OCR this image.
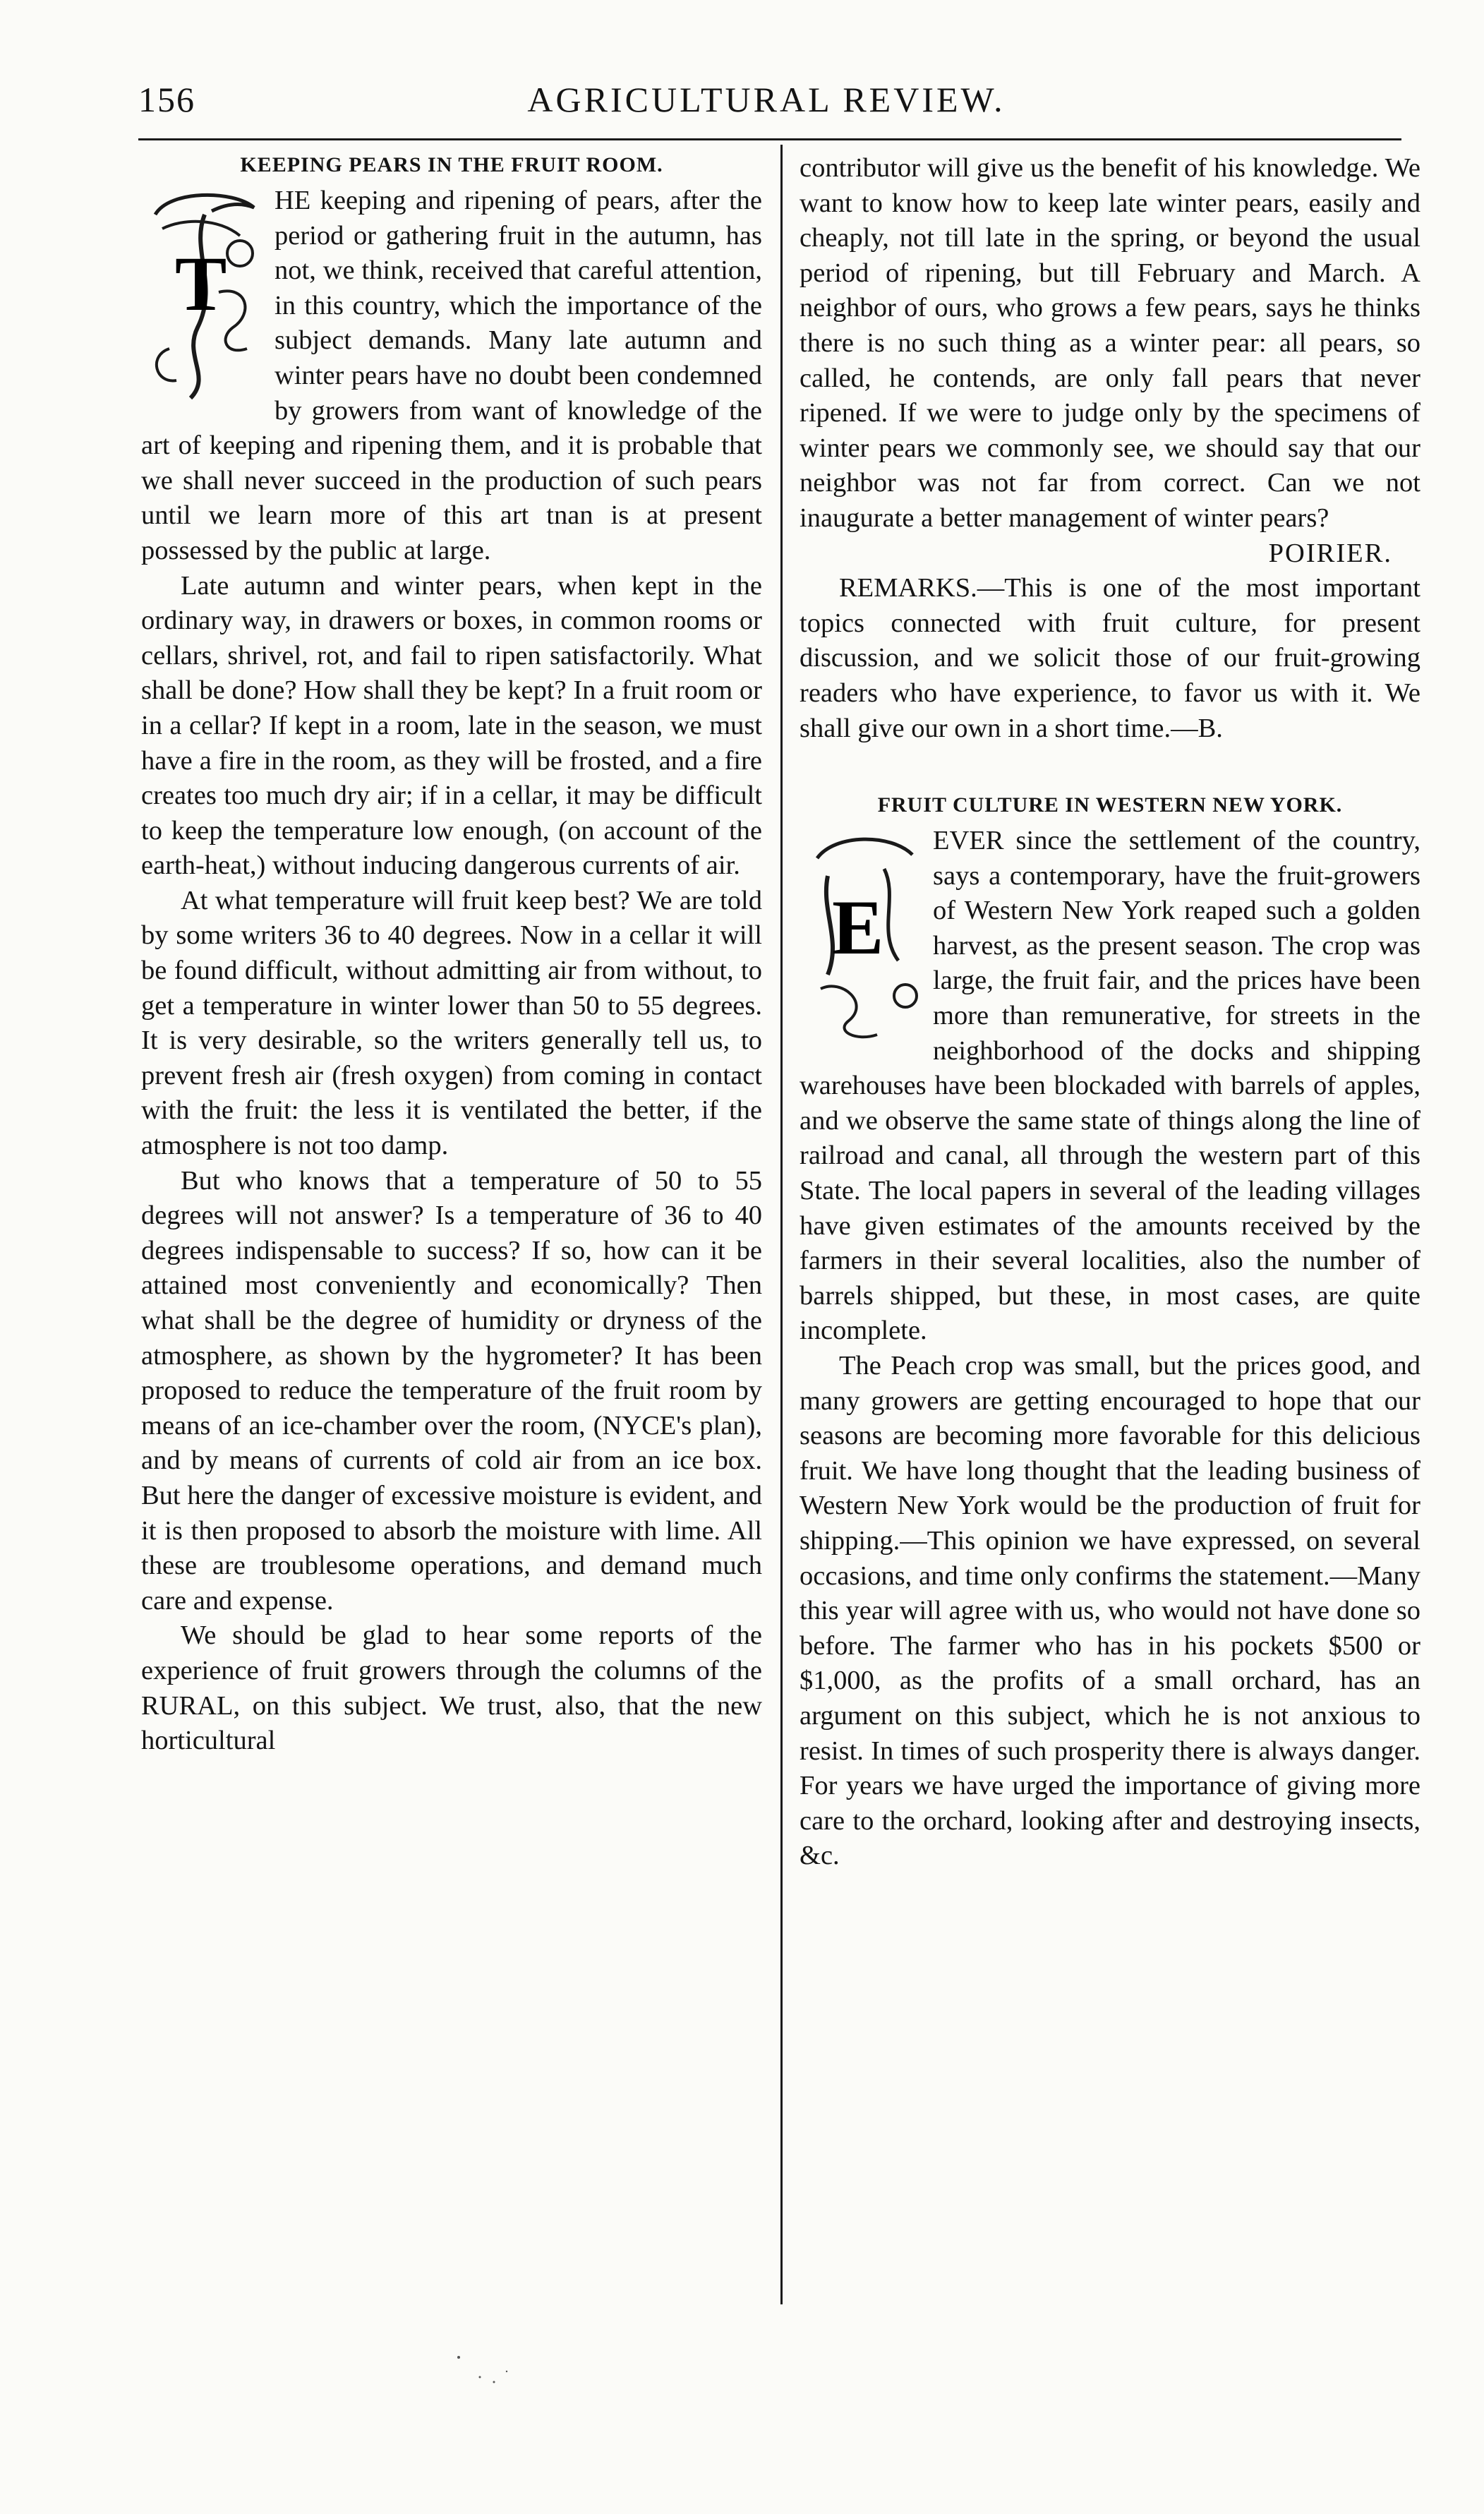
156	AGRICULTURAL REVIEW.
KEEPING PEARS IN THE FRUIT ROOM.
T

HE keeping and ripening of pears, after the period or gathering fruit in the autumn, has not, we think, received that careful attention, in this country, which the importance of the subject demands. Many late autumn and winter pears have no doubt been condemned by growers from want of knowledge of the art of keeping and ripening them, and it is probable that we shall never succeed in the production of such pears until we learn more of this art tnan is at present possessed by the public at large.

Late autumn and winter pears, when kept in the ordinary way, in drawers or boxes, in common rooms or cellars, shrivel, rot, and fail to ripen satisfactorily. What shall be done? How shall they be kept? In a fruit room or in a cellar? If kept in a room, late in the season, we must have a fire in the room, as they will be frosted, and a fire creates too much dry air; if in a cellar, it may be difficult to keep the temperature low enough, (on account of the earth-heat,) without inducing dangerous currents of air.

At what temperature will fruit keep best? We are told by some writers 36 to 40 degrees. Now in a cellar it will be found difficult, without admitting air from without, to get a temperature in winter lower than 50 to 55 degrees. It is very desirable, so the writers generally tell us, to prevent fresh air (fresh oxygen) from coming in contact with the fruit: the less it is ventilated the better, if the atmosphere is not too damp.

But who knows that a temperature of 50 to 55 degrees will not answer? Is a temperature of 36 to 40 degrees indispensable to success? If so, how can it be attained most conveniently and economically? Then what shall be the degree of humidity or dryness of the atmosphere, as shown by the hygrometer? It has been proposed to reduce the temperature of the fruit room by means of an ice-chamber over the room, (NYCE's plan), and by means of currents of cold air from an ice box. But here the danger of excessive moisture is evident, and it is then proposed to absorb the moisture with lime. All these are troublesome operations, and demand much care and expense.

We should be glad to hear some reports of the experience of fruit growers through the columns of the RURAL, on this subject. We trust, also, that the new horticultural

contributor will give us the benefit of his knowledge. We want to know how to keep late winter pears, easily and cheaply, not till late in the spring, or beyond the usual period of ripening, but till February and March. A neighbor of ours, who grows a few pears, says he thinks there is no such thing as a winter pear: all pears, so called, he contends, are only fall pears that never ripened. If we were to judge only by the specimens of winter pears we commonly see, we should say that our neighbor was not far from correct. Can we not inaugurate a better management of winter pears?

POIRIER.

REMARKS.—This is one of the most important topics connected with fruit culture, for present discussion, and we solicit those of our fruit-growing readers who have experience, to favor us with it. We shall give our own in a short time.—B.

FRUIT CULTURE IN WESTERN NEW YORK.
E

EVER since the settlement of the country, says a contemporary, have the fruit-growers of Western New York reaped such a golden harvest, as the present season. The crop was large, the fruit fair, and the prices have been more than remunerative, for streets in the neighborhood of the docks and shipping warehouses have been blockaded with barrels of apples, and we observe the same state of things along the line of railroad and canal, all through the western part of this State. The local papers in several of the leading villages have given estimates of the amounts received by the farmers in their several localities, also the number of barrels shipped, but these, in most cases, are quite incomplete.

The Peach crop was small, but the prices good, and many growers are getting encouraged to hope that our seasons are becoming more favorable for this delicious fruit. We have long thought that the leading business of Western New York would be the production of fruit for shipping.—This opinion we have expressed, on several occasions, and time only confirms the statement.—Many this year will agree with us, who would not have done so before. The farmer who has in his pockets $500 or $1,000, as the profits of a small orchard, has an argument on this subject, which he is not anxious to resist. In times of such prosperity there is always danger. For years we have urged the importance of giving more care to the orchard, looking after and destroying insects, &c.
